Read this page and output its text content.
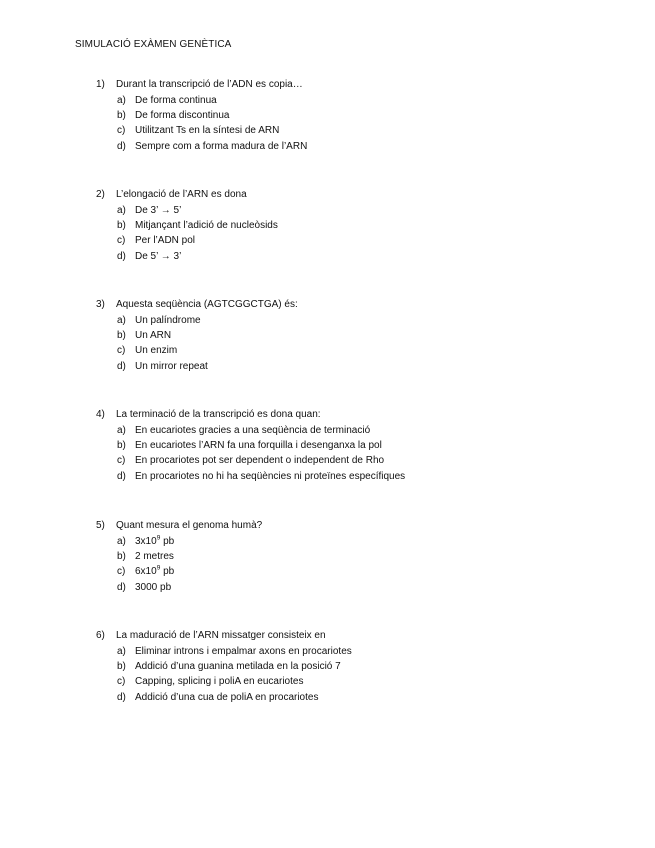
SIMULACIÓ EXÀMEN GENÈTICA
1) Durant la transcripció de l’ADN es copia…
a) De forma continua
b) De forma discontinua
c) Utilitzant Ts en la síntesi de ARN
d) Sempre com a forma madura de l’ARN
2) L’elongació de l’ARN es dona
a) De 3’ → 5’
b) Mitjançant l’adició de nucleòsids
c) Per l’ADN pol
d) De 5’ → 3’
3) Aquesta seqüència (AGTCGGCTGA) és:
a) Un palíndrome
b) Un ARN
c) Un enzim
d) Un mirror repeat
4) La terminació de la transcripció es dona quan:
a) En eucariotes gracies a una seqüència de terminació
b) En eucariotes l’ARN fa una forquilla i desenganxa la pol
c) En procariotes pot ser dependent o independent de Rho
d) En procariotes no hi ha seqüències ni proteïnes específiques
5) Quant mesura el genoma humà?
a) $3x10^9$ pb
b) 2 metres
c) $6x10^9$ pb
d) 3000 pb
6) La maduració de l’ARN missatger consisteix en
a) Eliminar introns i empalmar axons en procariotes
b) Addició d’una guanina metilada en la posició 7
c) Capping, splicing i poliA en eucariotes
d) Addició d’una cua de poliA en procariotes
